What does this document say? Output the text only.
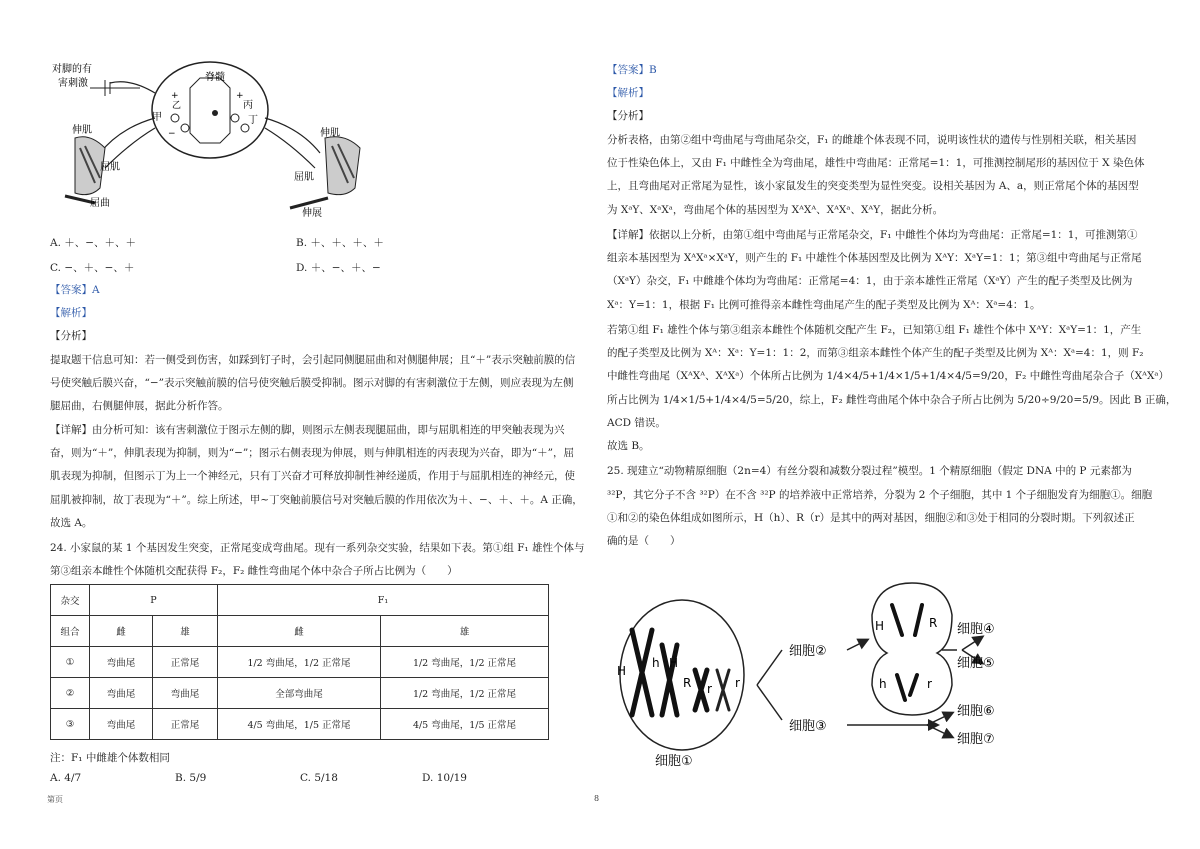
对脚的有
害刺激
脊髓
甲
乙	丙
丁
伸肌
屈肌
屈曲
伸肌
屈肌
伸展
+
−
+
A. ＋、−、＋、＋	B. ＋、＋、＋、＋
C. −、＋、−、＋	D. ＋、−、＋、−
【答案】A
【解析】
【分析】
提取题干信息可知：若一侧受到伤害，如踩到钉子时，会引起同侧腿屈曲和对侧腿伸展；且“＋”表示突触前膜的信
号使突触后膜兴奋，“−”表示突触前膜的信号使突触后膜受抑制。图示对脚的有害刺激位于左侧，则应表现为左侧
腿屈曲，右侧腿伸展，据此分析作答。
【详解】由分析可知：该有害刺激位于图示左侧的脚，则图示左侧表现腿屈曲，即与屈肌相连的甲突触表现为兴
奋，则为“＋”，伸肌表现为抑制，则为“−”；图示右侧表现为伸展，则与伸肌相连的丙表现为兴奋，即为“＋”，屈
肌表现为抑制，但图示丁为上一个神经元，只有丁兴奋才可释放抑制性神经递质，作用于与屈肌相连的神经元，使
屈肌被抑制，故丁表现为“＋”。综上所述，甲~丁突触前膜信号对突触后膜的作用依次为＋、−、＋、＋。A 正确，
故选 A。
24. 小家鼠的某 1 个基因发生突变，正常尾变成弯曲尾。现有一系列杂交实验，结果如下表。第①组 F₁ 雄性个体与
第③组亲本雌性个体随机交配获得 F₂，F₂ 雌性弯曲尾个体中杂合子所占比例为（　　）
杂交	P		F₁	
组合	雌	雄	雌	雄
①	弯曲尾	正常尾	1/2 弯曲尾，1/2 正常尾	1/2 弯曲尾，1/2 正常尾
②	弯曲尾	弯曲尾	全部弯曲尾	1/2 弯曲尾，1/2 正常尾
③	弯曲尾	正常尾	4/5 弯曲尾，1/5 正常尾	4/5 弯曲尾，1/5 正常尾
注：F₁ 中雌雄个体数相同
A. 4/7	B. 5/9	C. 5/18	D. 10/19
【答案】B
【解析】
【分析】
分析表格，由第②组中弯曲尾与弯曲尾杂交，F₁ 的雌雄个体表现不同，说明该性状的遗传与性别相关联，相关基因
位于性染色体上，又由 F₁ 中雌性全为弯曲尾，雄性中弯曲尾：正常尾=1：1，可推测控制尾形的基因位于 X 染色体
上，且弯曲尾对正常尾为显性，该小家鼠发生的突变类型为显性突变。设相关基因为 A、a，则正常尾个体的基因型
为 XᵃY、XᵃXᵃ，弯曲尾个体的基因型为 XᴬXᴬ、XᴬXᵃ、XᴬY，据此分析。
【详解】依据以上分析，由第①组中弯曲尾与正常尾杂交，F₁ 中雌性个体均为弯曲尾：正常尾=1：1，可推测第①
组亲本基因型为 XᴬXᵃ×XᵃY，则产生的 F₁ 中雄性个体基因型及比例为 XᴬY：XᵃY=1：1；第③组中弯曲尾与正常尾
（XᵃY）杂交，F₁ 中雌雄个体均为弯曲尾：正常尾=4：1，由于亲本雄性正常尾（XᵃY）产生的配子类型及比例为
Xᵃ：Y=1：1，根据 F₁ 比例可推得亲本雌性弯曲尾产生的配子类型及比例为 Xᴬ：Xᵃ=4：1。
若第①组 F₁ 雄性个体与第③组亲本雌性个体随机交配产生 F₂，已知第①组 F₁ 雄性个体中 XᴬY：XᵃY=1：1，产生
的配子类型及比例为 Xᴬ：Xᵃ：Y=1：1：2，而第③组亲本雌性个体产生的配子类型及比例为 Xᴬ：Xᵃ=4：1，则 F₂
中雌性弯曲尾（XᴬXᴬ、XᴬXᵃ）个体所占比例为 1/4×4/5+1/4×1/5+1/4×4/5=9/20，F₂ 中雌性弯曲尾杂合子（XᴬXᵃ）
所占比例为 1/4×1/5+1/4×4/5=5/20，综上，F₂ 雌性弯曲尾个体中杂合子所占比例为 5/20÷9/20=5/9。因此 B 正确，
ACD 错误。
故选 B。
25. 现建立“动物精原细胞（2n=4）有丝分裂和减数分裂过程”模型。1 个精原细胞（假定 DNA 中的 P 元素都为
³²P，其它分子不含 ³²P）在不含 ³²P 的培养液中正常培养，分裂为 2 个子细胞，其中 1 个子细胞发育为细胞①。细胞
①和②的染色体组成如图所示，H（h）、R（r）是其中的两对基因，细胞②和③处于相同的分裂时期。下列叙述正
确的是（　　）
H
h H
R r r
细胞①
细胞②
细胞③
H	R
h	r
细胞④
细胞⑤
细胞⑥
细胞⑦
第页	8
